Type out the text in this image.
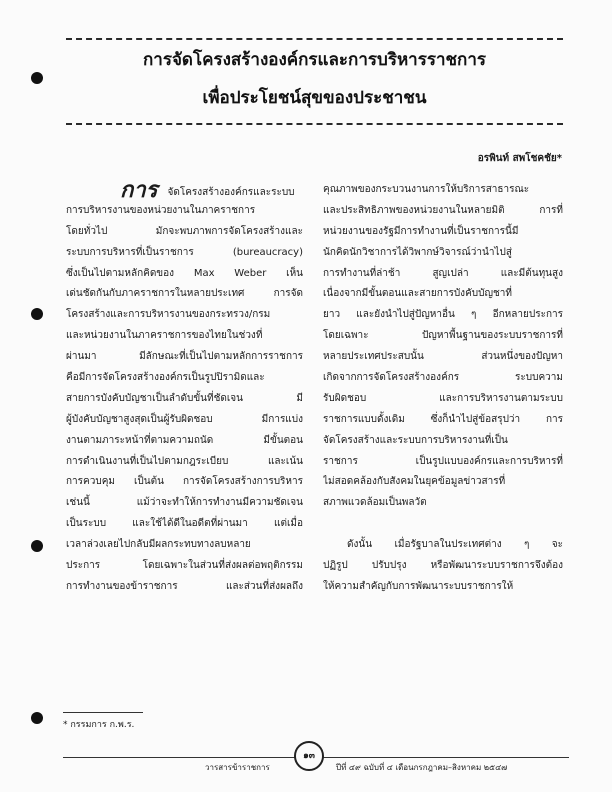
การจัดโครงสร้างองค์กรและการบริหารราชการ
เพื่อประโยชน์สุขของประชาชน
อรพินท์ สพโชคชัย*
การ จัดโครงสร้างองค์กรและระบบ
การบริหารงานของหน่วยงานในภาคราชการ
โดยทั่วไป มักจะพบภาพการจัดโครงสร้างและ
ระบบการบริหารที่เป็นราชการ (bureaucracy)
ซึ่งเป็นไปตามหลักคิดของ Max Weber เห็น
เด่นชัดกันกับภาคราชการในหลายประเทศ การจัด
โครงสร้างและการบริหารงานของกระทรวง/กรม
และหน่วยงานในภาคราชการของไทยในช่วงที่
ผ่านมา มีลักษณะที่เป็นไปตามหลักการราชการ
คือมีการจัดโครงสร้างองค์กรเป็นรูปปิรามิดและ
สายการบังคับบัญชาเป็นลำดับขั้นที่ชัดเจน มี
ผู้บังคับบัญชาสูงสุดเป็นผู้รับผิดชอบ มีการแบ่ง
งานตามภาระหน้าที่ตามความถนัด มีขั้นตอน
การดำเนินงานที่เป็นไปตามกฎระเบียบ และเน้น
การควบคุม เป็นต้น การจัดโครงสร้างการบริหาร
เช่นนี้ แม้ว่าจะทำให้การทำงานมีความชัดเจน
เป็นระบบ และใช้ได้ดีในอดีตที่ผ่านมา แต่เมื่อ
เวลาล่วงเลยไปกลับมีผลกระทบทางลบหลาย
ประการ โดยเฉพาะในส่วนที่ส่งผลต่อพฤติกรรม
การทำงานของข้าราชการ และส่วนที่ส่งผลถึง
คุณภาพของกระบวนงานการให้บริการสาธารณะ
และประสิทธิภาพของหน่วยงานในหลายมิติ การที่
หน่วยงานของรัฐมีการทำงานที่เป็นราชการนี้มี
นักคิดนักวิชาการได้วิพากษ์วิจารณ์ว่านำไปสู่
การทำงานที่ล่าช้า สูญเปล่า และมีต้นทุนสูง
เนื่องจากมีขั้นตอนและสายการบังคับบัญชาที่
ยาว และยังนำไปสู่ปัญหาอื่น ๆ อีกหลายประการ
โดยเฉพาะ ปัญหาพื้นฐานของระบบราชการที่
หลายประเทศประสบนั้น ส่วนหนึ่งของปัญหา
เกิดจากการจัดโครงสร้างองค์กร ระบบความ
รับผิดชอบ และการบริหารงานตามระบบ
ราชการแบบดั้งเดิม ซึ่งก็นำไปสู่ข้อสรุปว่า การ
จัดโครงสร้างและระบบการบริหารงานที่เป็น
ราชการ เป็นรูปแบบองค์กรและการบริหารที่
ไม่สอดคล้องกับสังคมในยุคข้อมูลข่าวสารที่
สภาพแวดล้อมเป็นพลวัต
ดังนั้น เมื่อรัฐบาลในประเทศต่าง ๆ จะ
ปฏิรูป ปรับปรุง หรือพัฒนาระบบราชการจึงต้อง
ให้ความสำคัญกับการพัฒนาระบบราชการให้
* กรรมการ ก.พ.ร.
วารสารข้าราชการ
๑๓
ปีที่ ๔๙ ฉบับที่ ๔ เดือนกรกฎาคม–สิงหาคม ๒๕๔๗
